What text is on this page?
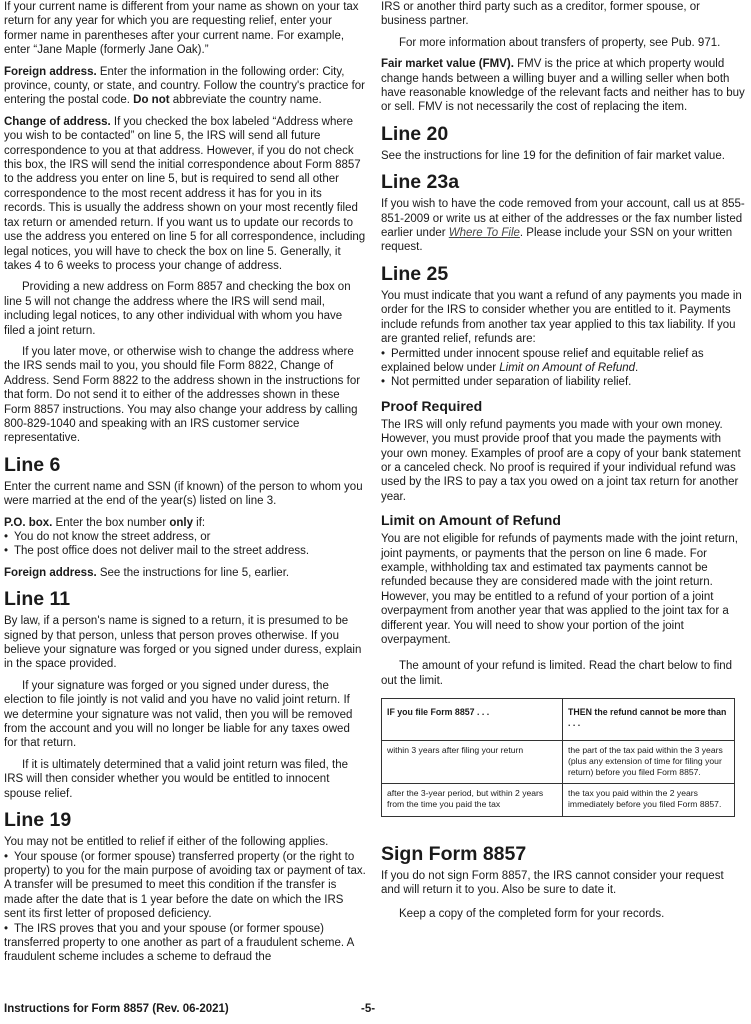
If your current name is different from your name as shown on your tax return for any year for which you are requesting relief, enter your former name in parentheses after your current name. For example, enter “Jane Maple (formerly Jane Oak).”

Foreign address. Enter the information in the following order: City, province, county, or state, and country. Follow the country's practice for entering the postal code. Do not abbreviate the country name.

Change of address. If you checked the box labeled “Address where you wish to be contacted” on line 5, the IRS will send all future correspondence to you at that address. However, if you do not check this box, the IRS will send the initial correspondence about Form 8857 to the address you enter on line 5, but is required to send all other correspondence to the most recent address it has for you in its records. This is usually the address shown on your most recently filed tax return or amended return. If you want us to update our records to use the address you entered on line 5 for all correspondence, including legal notices, you will have to check the box on line 5. Generally, it takes 4 to 6 weeks to process your change of address.

Providing a new address on Form 8857 and checking the box on line 5 will not change the address where the IRS will send mail, including legal notices, to any other individual with whom you have filed a joint return.

If you later move, or otherwise wish to change the address where the IRS sends mail to you, you should file Form 8822, Change of Address. Send Form 8822 to the address shown in the instructions for that form. Do not send it to either of the addresses shown in these Form 8857 instructions. You may also change your address by calling 800-829-1040 and speaking with an IRS customer service representative.

Line 6

Enter the current name and SSN (if known) of the person to whom you were married at the end of the year(s) listed on line 3.

P.O. box. Enter the box number only if:

• You do not know the street address, or

• The post office does not deliver mail to the street address.

Foreign address. See the instructions for line 5, earlier.

Line 11

By law, if a person's name is signed to a return, it is presumed to be signed by that person, unless that person proves otherwise. If you believe your signature was forged or you signed under duress, explain in the space provided.

If your signature was forged or you signed under duress, the election to file jointly is not valid and you have no valid joint return. If we determine your signature was not valid, then you will be removed from the account and you will no longer be liable for any taxes owed for that return.

If it is ultimately determined that a valid joint return was filed, the IRS will then consider whether you would be entitled to innocent spouse relief.

Line 19

You may not be entitled to relief if either of the following applies.

• Your spouse (or former spouse) transferred property (or the right to property) to you for the main purpose of avoiding tax or payment of tax. A transfer will be presumed to meet this condition if the transfer is made after the date that is 1 year before the date on which the IRS sent its first letter of proposed deficiency.

• The IRS proves that you and your spouse (or former spouse) transferred property to one another as part of a fraudulent scheme. A fraudulent scheme includes a scheme to defraud the

IRS or another third party such as a creditor, former spouse, or business partner.

For more information about transfers of property, see Pub. 971.

Fair market value (FMV). FMV is the price at which property would change hands between a willing buyer and a willing seller when both have reasonable knowledge of the relevant facts and neither has to buy or sell. FMV is not necessarily the cost of replacing the item.

Line 20

See the instructions for line 19 for the definition of fair market value.

Line 23a

If you wish to have the code removed from your account, call us at 855-851-2009 or write us at either of the addresses or the fax number listed earlier under Where To File. Please include your SSN on your written request.

Line 25

You must indicate that you want a refund of any payments you made in order for the IRS to consider whether you are entitled to it. Payments include refunds from another tax year applied to this tax liability. If you are granted relief, refunds are:

• Permitted under innocent spouse relief and equitable relief as explained below under Limit on Amount of Refund.

• Not permitted under separation of liability relief.

Proof Required

The IRS will only refund payments you made with your own money. However, you must provide proof that you made the payments with your own money. Examples of proof are a copy of your bank statement or a canceled check. No proof is required if your individual refund was used by the IRS to pay a tax you owed on a joint tax return for another year.

Limit on Amount of Refund

You are not eligible for refunds of payments made with the joint return, joint payments, or payments that the person on line 6 made. For example, withholding tax and estimated tax payments cannot be refunded because they are considered made with the joint return. However, you may be entitled to a refund of your portion of a joint overpayment from another year that was applied to the joint tax for a different year. You will need to show your portion of the joint overpayment.

The amount of your refund is limited. Read the chart below to find out the limit.

IF you file Form 8857 . . .	THEN the refund cannot be more than . . .
within 3 years after filing your return	the part of the tax paid within the 3 years (plus any extension of time for filing your return) before you filed Form 8857.
after the 3-year period, but within 2 years from the time you paid the tax	the tax you paid within the 2 years immediately before you filed Form 8857.
Sign Form 8857

If you do not sign Form 8857, the IRS cannot consider your request and will return it to you. Also be sure to date it.

Keep a copy of the completed form for your records.

Instructions for Form 8857 (Rev. 06-2021)	-5-
